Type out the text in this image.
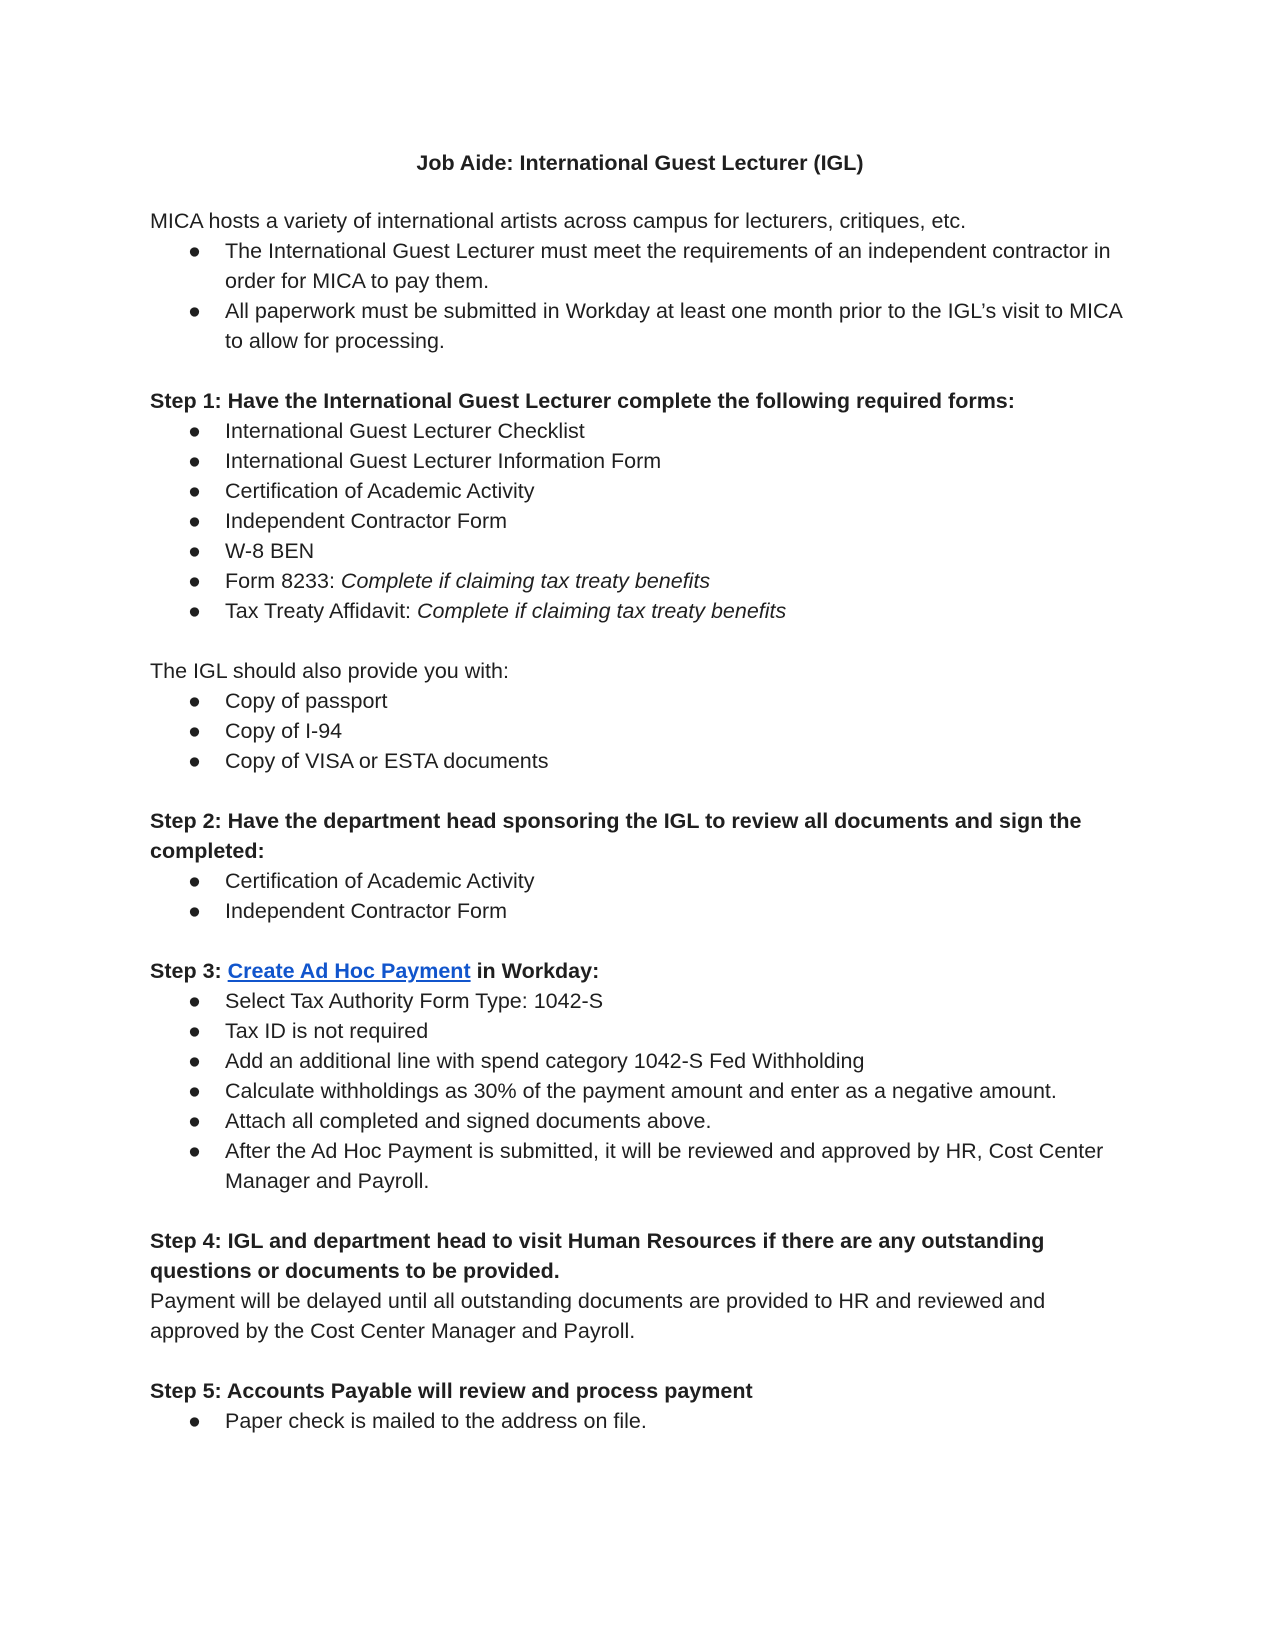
Job Aide: International Guest Lecturer (IGL)

MICA hosts a variety of international artists across campus for lecturers, critiques, etc.

● The International Guest Lecturer must meet the requirements of an independent contractor in order for MICA to pay them.
● All paperwork must be submitted in Workday at least one month prior to the IGL’s visit to MICA to allow for processing.

Step 1: Have the International Guest Lecturer complete the following required forms:

● International Guest Lecturer Checklist
● International Guest Lecturer Information Form
● Certification of Academic Activity
● Independent Contractor Form
● W-8 BEN
● Form 8233: Complete if claiming tax treaty benefits
● Tax Treaty Affidavit: Complete if claiming tax treaty benefits

The IGL should also provide you with:

● Copy of passport
● Copy of I-94
● Copy of VISA or ESTA documents

Step 2: Have the department head sponsoring the IGL to review all documents and sign the completed:

● Certification of Academic Activity
● Independent Contractor Form

Step 3: Create Ad Hoc Payment in Workday:

● Select Tax Authority Form Type: 1042-S
● Tax ID is not required
● Add an additional line with spend category 1042-S Fed Withholding
● Calculate withholdings as 30% of the payment amount and enter as a negative amount.
● Attach all completed and signed documents above.
● After the Ad Hoc Payment is submitted, it will be reviewed and approved by HR, Cost Center Manager and Payroll.

Step 4: IGL and department head to visit Human Resources if there are any outstanding questions or documents to be provided.

Payment will be delayed until all outstanding documents are provided to HR and reviewed and approved by the Cost Center Manager and Payroll.

Step 5: Accounts Payable will review and process payment

● Paper check is mailed to the address on file.
